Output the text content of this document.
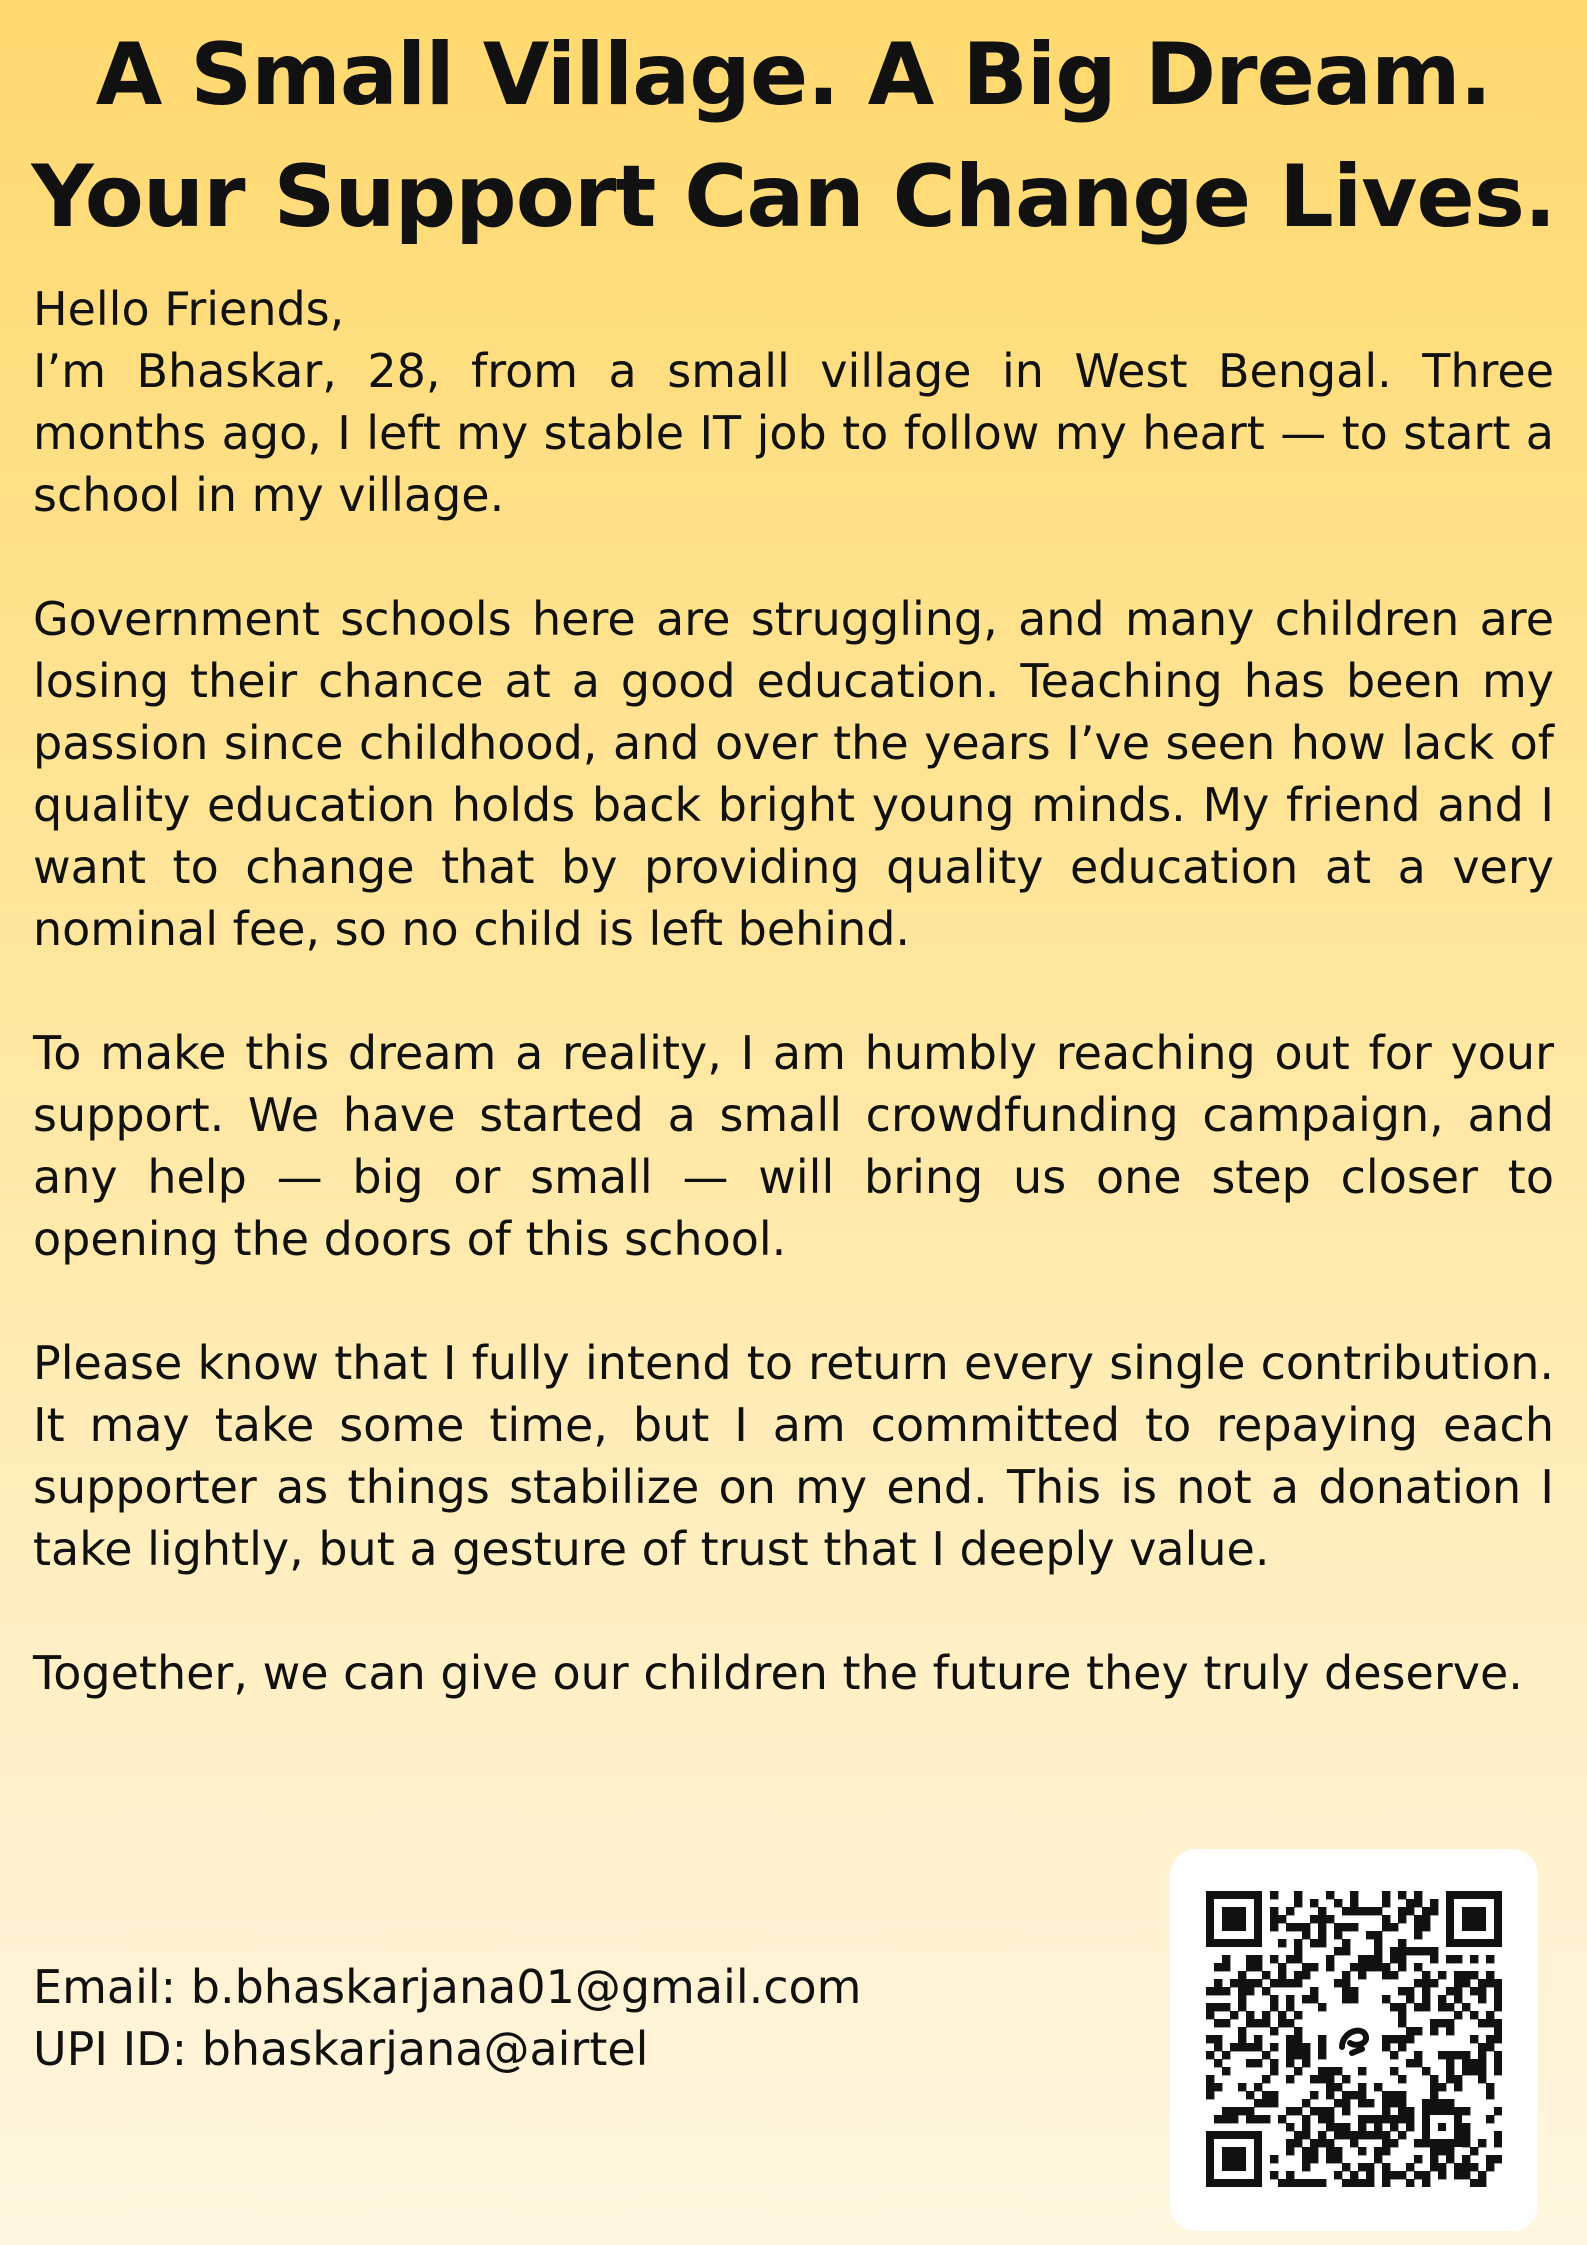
A Small Village. A Big Dream.
Your Support Can Change Lives.

Hello Friends,
I’m Bhaskar, 28, from a small village in West Bengal. Three months ago, I left my stable IT job to follow my heart — to start a school in my village.

Government schools here are struggling, and many children are losing their chance at a good education. Teaching has been my passion since childhood, and over the years I’ve seen how lack of quality education holds back bright young minds. My friend and I want to change that by providing quality education at a very nominal fee, so no child is left behind.

To make this dream a reality, I am humbly reaching out for your support. We have started a small crowdfunding campaign, and any help — big or small — will bring us one step closer to opening the doors of this school.

Please know that I fully intend to return every single contribution. It may take some time, but I am committed to repaying each supporter as things stabilize on my end. This is not a donation I take lightly, but a gesture of trust that I deeply value.

Together, we can give our children the future they truly deserve.

Email: b.bhaskarjana01@gmail.com
UPI ID: bhaskarjana@airtel
